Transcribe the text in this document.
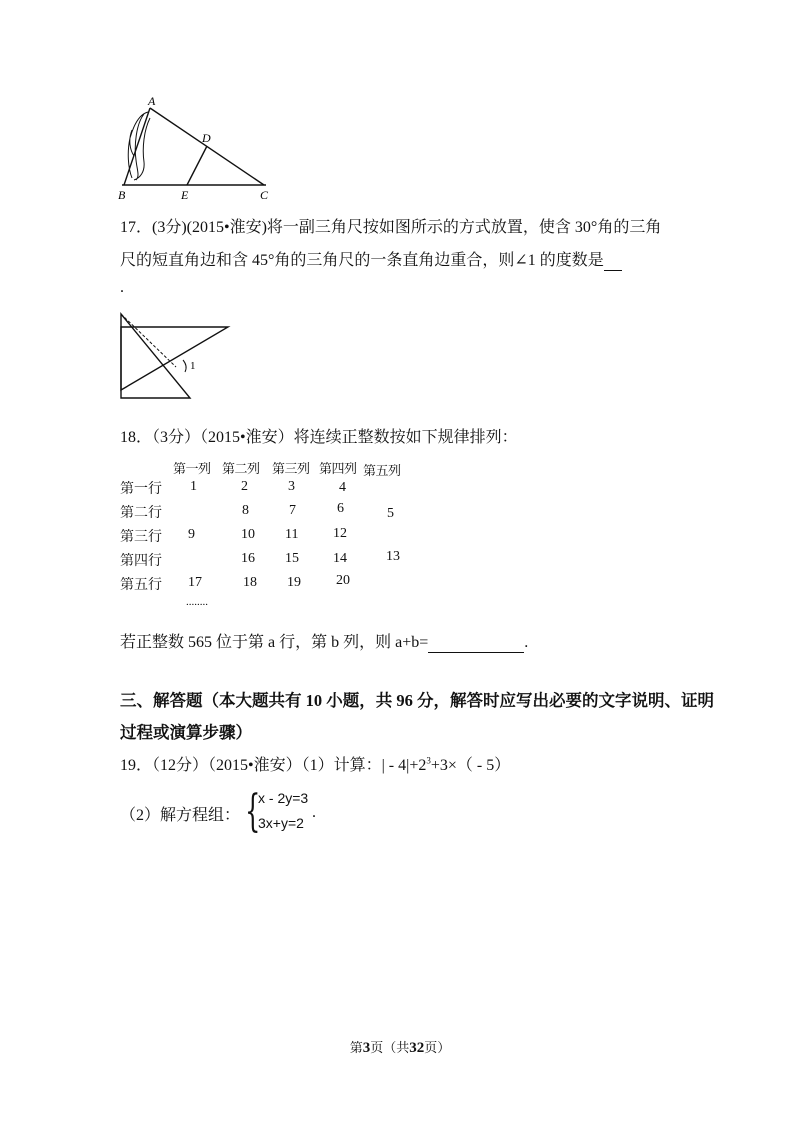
A
D
B	E	C
17．(3分)(2015•淮安)将一副三角尺按如图所示的方式放置，使含 30°角的三角
尺的短直角边和含 45°角的三角尺的一条直角边重合，则∠1 的度数是
.
1
18．（3分）（2015•淮安）将连续正整数按如下规律排列：
第一列 第二列 第三列 第四列 第五列
第一行 1	2	3	4
第二行	8	7	6	5
第三行 9	10 11 12
第四行	16 15 14	13
第五行 17	18 19	20
........
若正整数 565 位于第 a 行，第 b 列，则 a+b=	.
三、解答题（本大题共有 10 小题，共 96 分，解答时应写出必要的文字说明、证明
过程或演算步骤）
19．（12分）（2015•淮安）（1）计算：| - $4|+2^3+3\times( - 5)$
（2）解方程组： {
x - 2y=3
3x+y=2
.
第3页（共32页）
